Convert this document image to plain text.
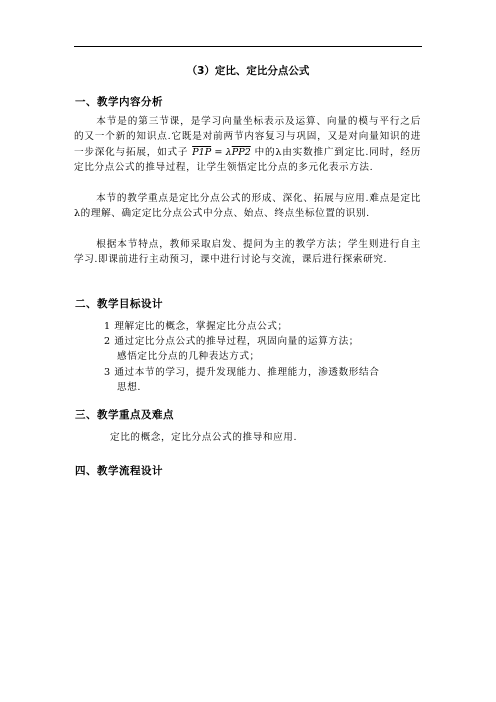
（3）定比、定比分点公式
一、教学内容分析
本节是的第三节课，是学习向量坐标表示及运算、向量的模与平行之后的又一个新的知识点.它既是对前两节内容复习与巩固，又是对向量知识的进一步深化与拓展，如式子 P1P = λPP2 中的λ由实数推广到定比.同时，经历定比分点公式的推导过程，让学生领悟定比分点的多元化表示方法.
本节的教学重点是定比分点公式的形成、深化、拓展与应用.难点是定比λ的理解、确定定比分点公式中分点、始点、终点坐标位置的识别.
根据本节特点，教师采取启发、提问为主的教学方法；学生则进行自主学习.即课前进行主动预习，课中进行讨论与交流，课后进行探索研究.
二、教学目标设计
1 理解定比的概念，掌握定比分点公式；
2 通过定比分点公式的推导过程，巩固向量的运算方法；
感悟定比分点的几种表达方式；
3 通过本节的学习，提升发现能力、推理能力，渗透数形结合
思想.
三、教学重点及难点
定比的概念，定比分点公式的推导和应用.
四、教学流程设计
